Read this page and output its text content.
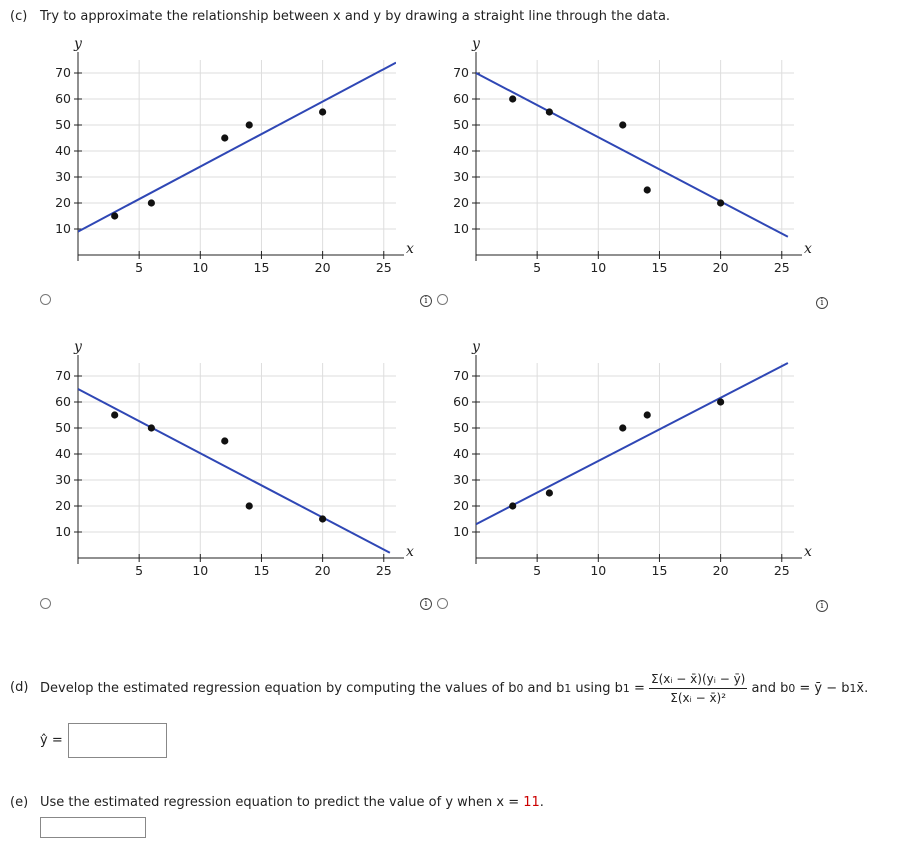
(c) Try to approximate the relationship between x and y by drawing a straight line through the data.
5	10	15	20	25
10
20
30
40
50
60
70
y
x
5	10	15	20	25
10
20
30
40
50
60
70
y
x
5	10	15	20	25
10
20
30
40
50
60
70
y
x
5	10	15	20	25
10
20
30
40
50
60
70
y
x
i	i
i	i
(d) Develop the estimated regression equation by computing the values of b 0 and b 1 using b $1 = \frac{\text{Σ(xᵢ − x̄)(yᵢ − ȳ)}}{\text{Σ(xᵢ − x̄)²}}$ and b 0 = ȳ − b 1 x̄.
ŷ =
(e) Use the estimated regression equation to predict the value of y when x = 11.
